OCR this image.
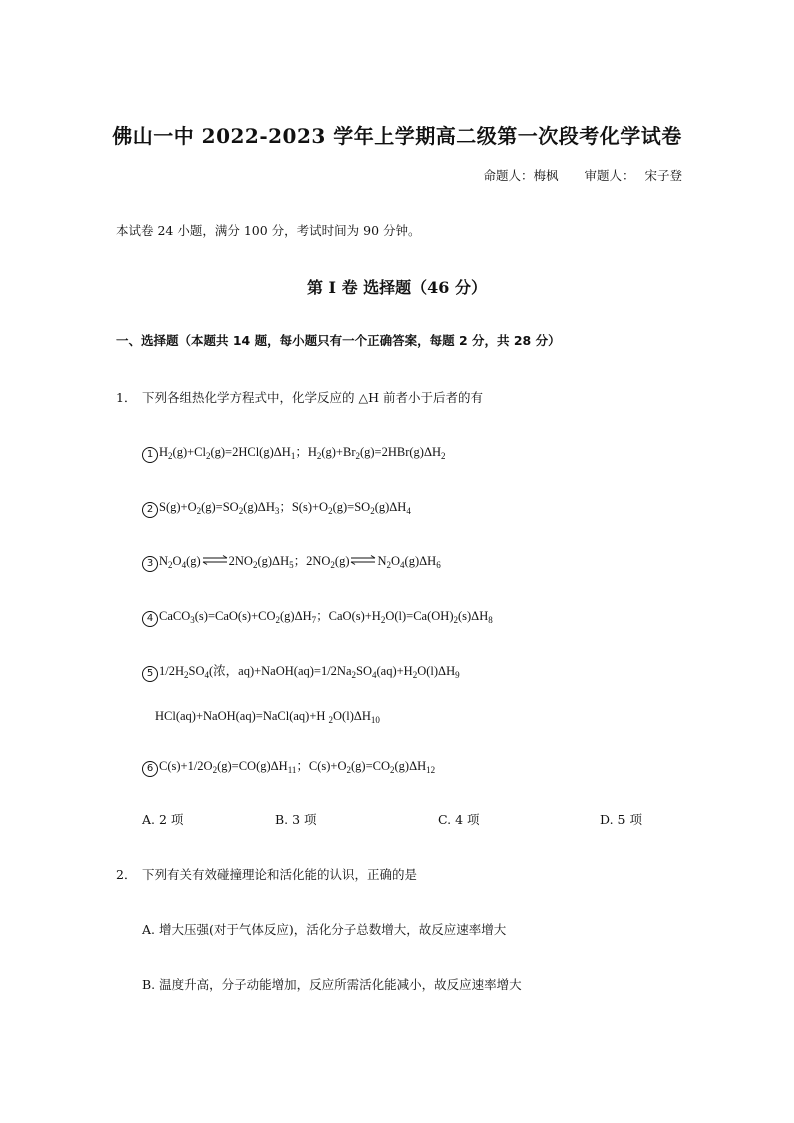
佛山一中 2022-2023 学年上学期高二级第一次段考化学试卷
命题人：梅枫 审题人： 宋子登
本试卷 24 小题，满分 100 分，考试时间为 90 分钟。
第 I 卷 选择题（46 分）
一、选择题（本题共 14 题，每小题只有一个正确答案，每题 2 分，共 28 分）
1． 下列各组热化学方程式中，化学反应的 △H 前者小于后者的有
1 $H_2(g)+Cl_2(g)=2HCl(g)\Delta H_1$；$H_2(g)+Br_2(g)=2HBr(g)\Delta H_2$
2 $S(g)+O_2(g)=SO_2(g)\Delta H_3$；$S(s)+O_2(g)=SO_2(g)\Delta H_4$
3 $N_2O_4(g)\rightleftharpoons 2NO_2(g)\Delta H_5$；$2NO_2(g)\rightleftharpoons N_2O_4(g)\Delta H_6$
4 $CaCO_3(s)=CaO(s)+CO_2(g)\Delta H_7$；$CaO(s)+H_2O(l)=Ca(OH)_2(s)\Delta H_8$
5 $1/2H_2SO_4$(浓，$aq)+NaOH(aq)=1/2Na_2SO_4(aq)+H_2O(l)\Delta H_9$
HCl(aq)+NaOH(aq)=NaCl(aq)+H $_2O(l)\Delta H_{10}$
6 $C(s)+1/2O_2(g)=CO(g)\Delta H_{11}$；$C(s)+O_2(g)=CO_2(g)\Delta H_{12}$
A. 2 项	B. 3 项	C. 4 项	D. 5 项
2． 下列有关有效碰撞理论和活化能的认识，正确的是
A. 增大压强(对于气体反应)，活化分子总数增大，故反应速率增大
B. 温度升高，分子动能增加，反应所需活化能减小，故反应速率增大
